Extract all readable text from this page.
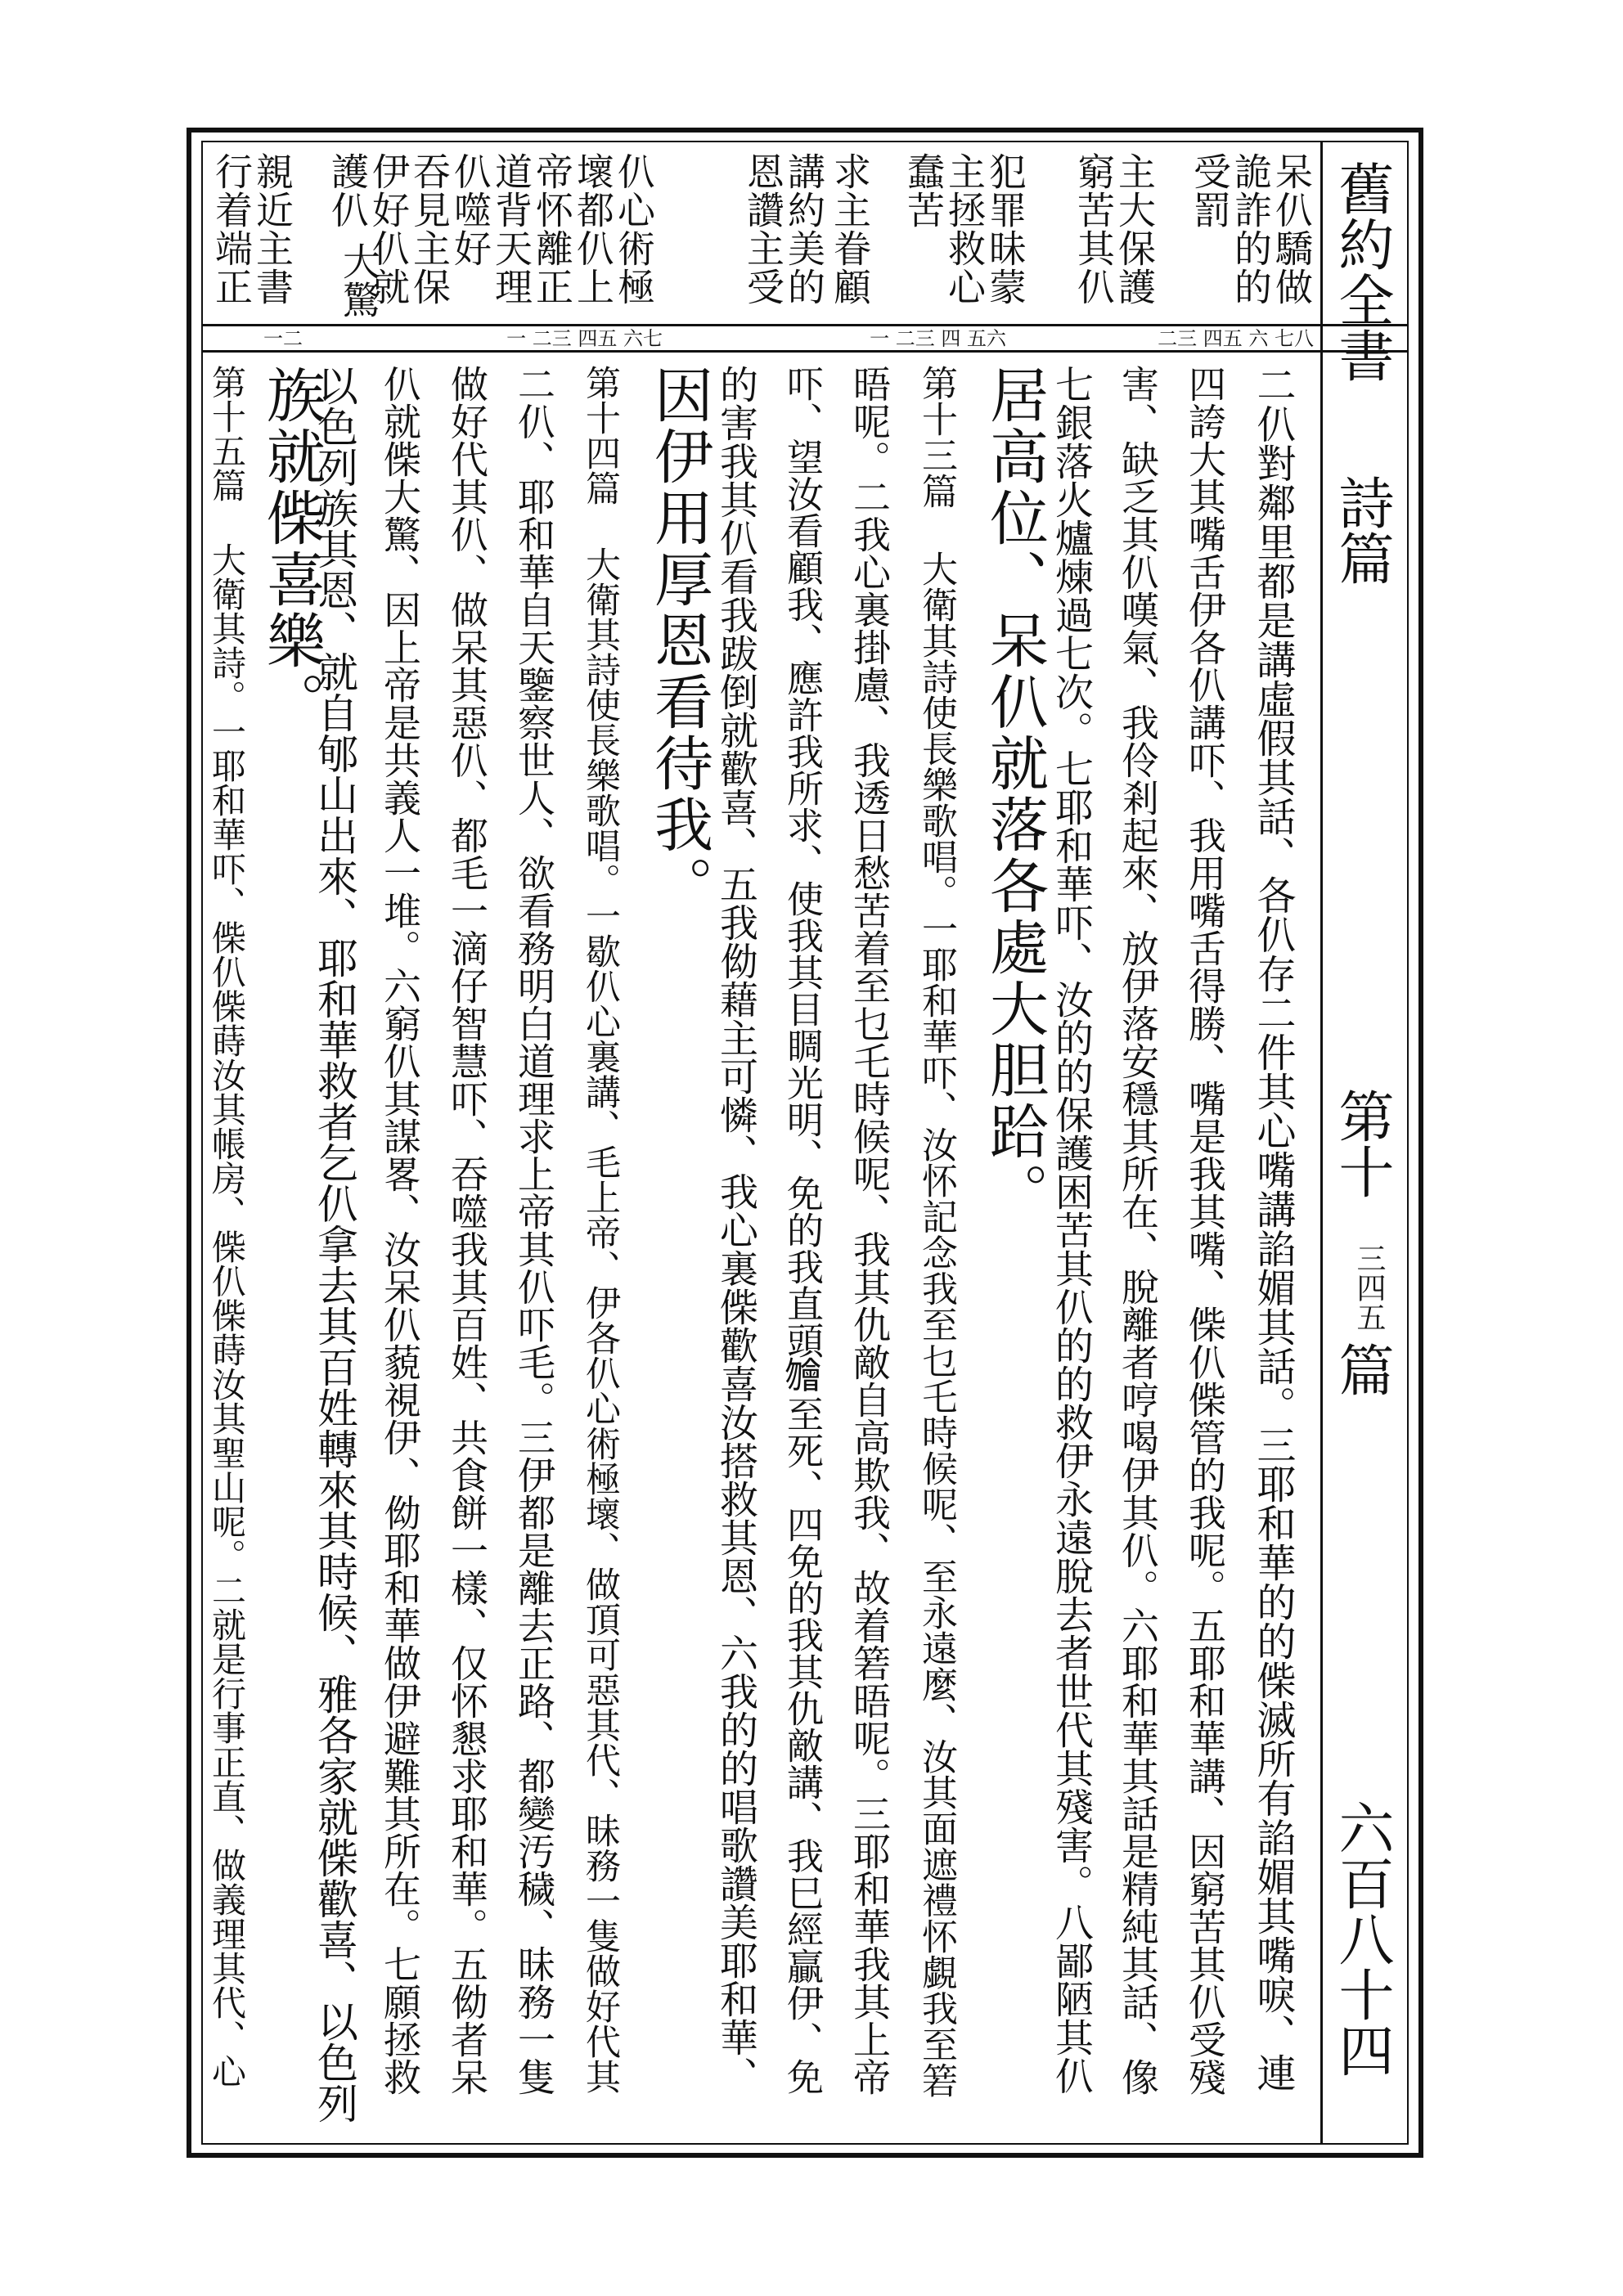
舊約全書
詩篇
第十
三四五
篇
六百八十四
呆仈驕做
詭詐的的
受罰
主大保護
窮苦其仈
犯罪昧蒙
主拯救心
蠢苦
求主眷顧
講約美的
恩讚主受
仈心術極
壞都仈上
帝怀離正
道背天理
仈噬好
吞見主保
伊好仈就
護仈
大驚
親近主書
行着端正
二三 四五 六 七八
一 二三 四 五六
一 二三 四五 六七
一二
二仈對鄰里都是講虛假其話、各仈存二件其心嘴講諂媚其話。三耶和華的的偨滅所有諂媚其嘴唳、連
四誇大其嘴舌伊各仈講吓、我用嘴舌得勝、嘴是我其嘴、偨仈偨管的我呢。五耶和華講、因窮苦其仈受殘
害、缺乏其仈嘆氣、我伶剎起來、放伊落安穩其所在、脫離者哼喝伊其仈。六耶和華其話是精純其話、像
七銀落火爐煉過七次。七耶和華吓、汝的的保護困苦其仈的的救伊永遠脫去者世代其殘害。八鄙陋其仈
居高位、呆仈就落各處大胆跲。
第十三篇 大衛其詩使長樂歌唱。一耶和華吓、汝怀記念我至乜乇時候呢、至永遠麼、汝其面遮禮怀覷我至箬
晤呢。二我心裏掛慮、我透日愁苦着至乜乇時候呢、我其仇敵自高欺我、故着箬晤呢。三耶和華我其上帝
吓、望汝看顧我、應許我所求、使我其目睭光明、免的我直頭𣍐至死、四免的我其仇敵講、我巳經贏伊、免
的害我其仈看我跋倒就歡喜、五我㑃藉主可憐、我心裏偨歡喜汝搭救其恩、六我的的唱歌讚美耶和華、
因伊用厚恩看待我。
第十四篇 大衛其詩使長樂歌唱。一歇仈心裏講、毛上帝、伊各仈心術極壞、做頂可惡其代、昧務一隻做好代其
二仈、耶和華自天鑒察世人、欲看務明白道理求上帝其仈吓毛。三伊都是離去正路、都變汚穢、昧務一隻
做好代其仈、做呆其惡仈、都毛一滴仔智慧吓、吞噬我其百姓、共食餅一樣、仅怀懇求耶和華。五㑃者呆
仈就偨大驚、因上帝是共義人一堆。六窮仈其謀畧、汝呆仈藐視伊、㑃耶和華做伊避難其所在。七願拯救
以色列族其恩、就自郇山出來、耶和華救者乞仈拿去其百姓轉來其時候、雅各家就偨歡喜、以色列
族就偨喜樂。
第十五篇 大衛其詩。一耶和華吓、偨仈偨蒔汝其帳房、偨仈偨蒔汝其聖山呢。二就是行事正直、做義理其代、心
